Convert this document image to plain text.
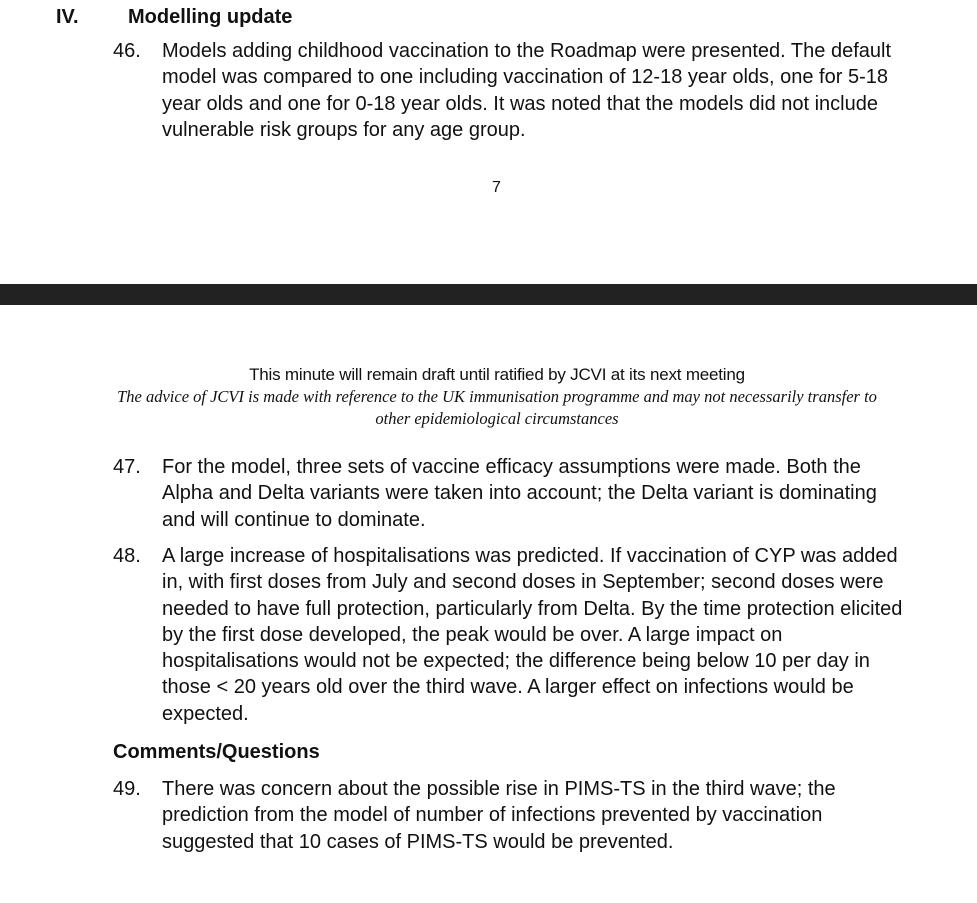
IV. Modelling update
46.	Models adding childhood vaccination to the Roadmap were presented. The default model was compared to one including vaccination of 12-18 year olds, one for 5-18 year olds and one for 0-18 year olds. It was noted that the models did not include vulnerable risk groups for any age group.
7
This minute will remain draft until ratified by JCVI at its next meeting
The advice of JCVI is made with reference to the UK immunisation programme and may not necessarily transfer to other epidemiological circumstances
47.	For the model, three sets of vaccine efficacy assumptions were made. Both the Alpha and Delta variants were taken into account; the Delta variant is dominating and will continue to dominate.
48.	A large increase of hospitalisations was predicted. If vaccination of CYP was added in, with first doses from July and second doses in September; second doses were needed to have full protection, particularly from Delta. By the time protection elicited by the first dose developed, the peak would be over. A large impact on hospitalisations would not be expected; the difference being below 10 per day in those < 20 years old over the third wave. A larger effect on infections would be expected.
Comments/Questions
49.	There was concern about the possible rise in PIMS-TS in the third wave; the prediction from the model of number of infections prevented by vaccination suggested that 10 cases of PIMS-TS would be prevented.
